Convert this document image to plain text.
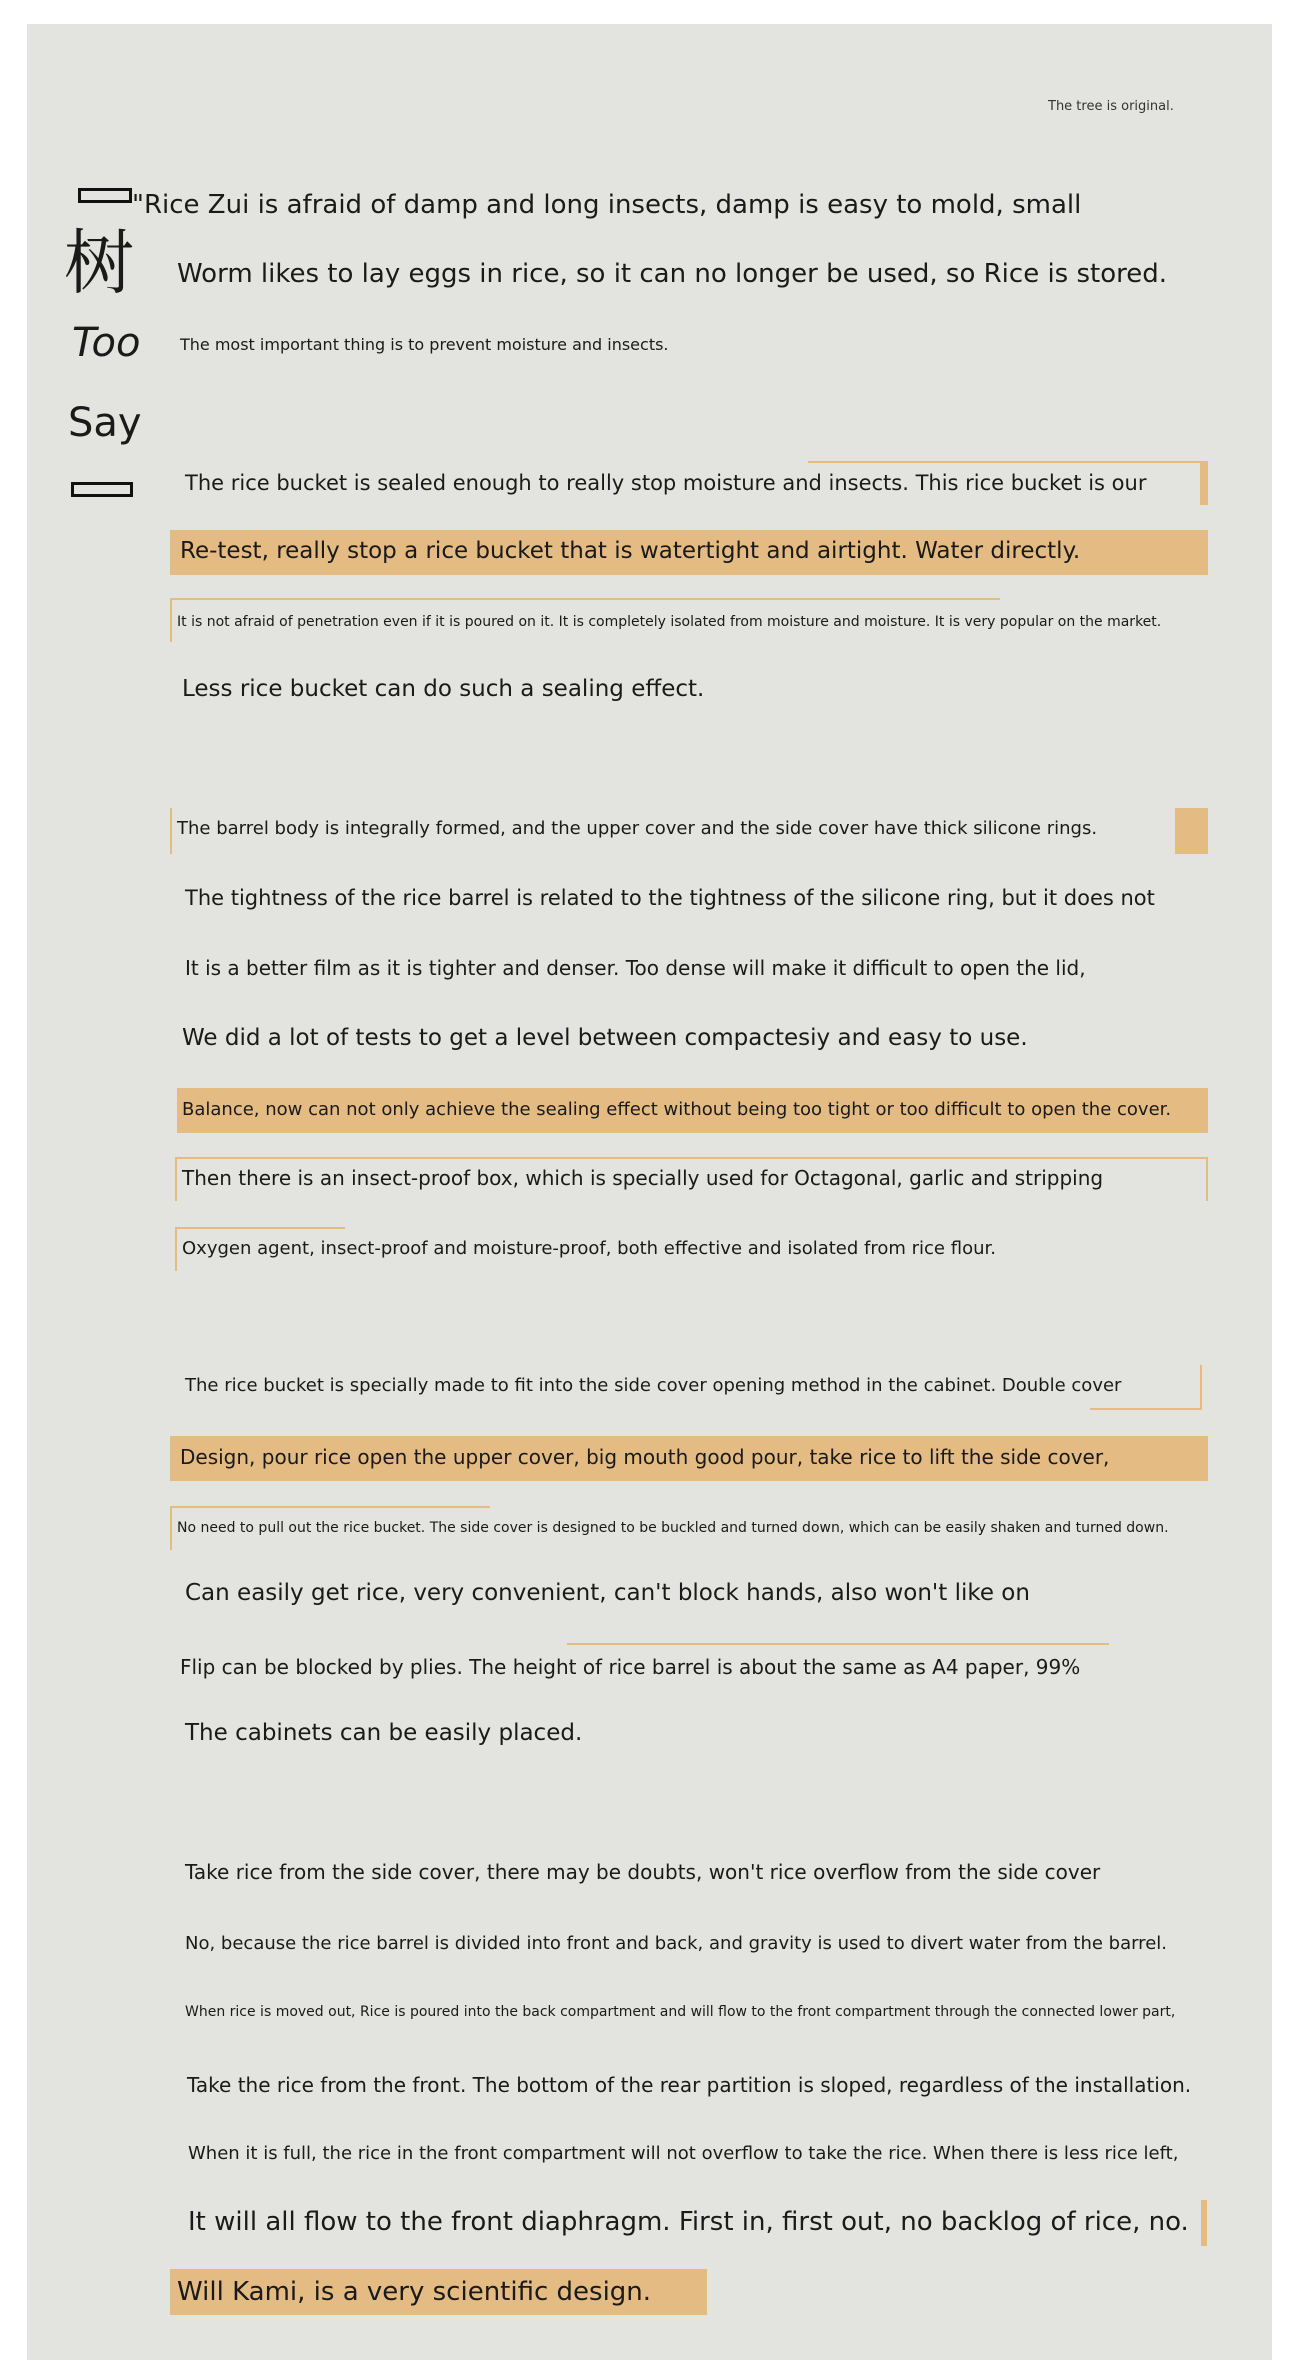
The tree is original.
树
Too
Say
"Rice Zui is afraid of damp and long insects, damp is easy to mold, small
Worm likes to lay eggs in rice, so it can no longer be used, so Rice is stored.
The most important thing is to prevent moisture and insects.
The rice bucket is sealed enough to really stop moisture and insects. This rice bucket is our
Re-test, really stop a rice bucket that is watertight and airtight. Water directly.
It is not afraid of penetration even if it is poured on it. It is completely isolated from moisture and moisture. It is very popular on the market.
Less rice bucket can do such a sealing effect.
The barrel body is integrally formed, and the upper cover and the side cover have thick silicone rings.
The tightness of the rice barrel is related to the tightness of the silicone ring, but it does not
It is a better film as it is tighter and denser. Too dense will make it difficult to open the lid,
We did a lot of tests to get a level between compactesiy and easy to use.
Balance, now can not only achieve the sealing effect without being too tight or too difficult to open the cover.
Then there is an insect-proof box, which is specially used for Octagonal, garlic and stripping
Oxygen agent, insect-proof and moisture-proof, both effective and isolated from rice flour.
The rice bucket is specially made to fit into the side cover opening method in the cabinet. Double cover
Design, pour rice open the upper cover, big mouth good pour, take rice to lift the side cover,
No need to pull out the rice bucket. The side cover is designed to be buckled and turned down, which can be easily shaken and turned down.
Can easily get rice, very convenient, can't block hands, also won't like on
Flip can be blocked by plies. The height of rice barrel is about the same as A4 paper, 99%
The cabinets can be easily placed.
Take rice from the side cover, there may be doubts, won't rice overflow from the side cover
No, because the rice barrel is divided into front and back, and gravity is used to divert water from the barrel.
When rice is moved out, Rice is poured into the back compartment and will flow to the front compartment through the connected lower part,
Take the rice from the front. The bottom of the rear partition is sloped, regardless of the installation.
When it is full, the rice in the front compartment will not overflow to take the rice. When there is less rice left,
It will all flow to the front diaphragm. First in, first out, no backlog of rice, no.
Will Kami, is a very scientific design.
